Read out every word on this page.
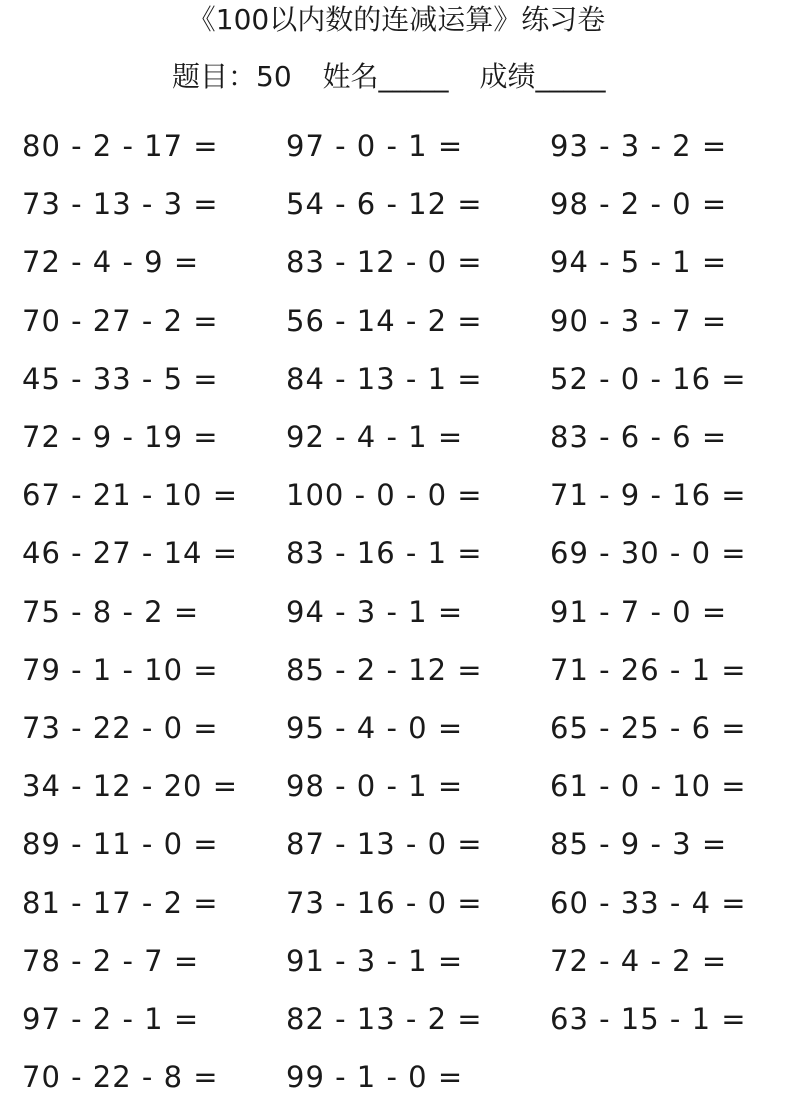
《100以内数的连减运算》练习卷
题目：50 姓名_____ 成绩_____
80 - 2 - 17 = 97 - 0 - 1 =	93 - 3 - 2 =
73 - 13 - 3 = 54 - 6 - 12 = 98 - 2 - 0 =
72 - 4 - 9 =	83 - 12 - 0 = 94 - 5 - 1 =
70 - 27 - 2 = 56 - 14 - 2 = 90 - 3 - 7 =
45 - 33 - 5 = 84 - 13 - 1 = 52 - 0 - 16 =
72 - 9 - 19 = 92 - 4 - 1 =	83 - 6 - 6 =
67 - 21 - 10 = 100 - 0 - 0 = 71 - 9 - 16 =
46 - 27 - 14 = 83 - 16 - 1 = 69 - 30 - 0 =
75 - 8 - 2 =	94 - 3 - 1 =	91 - 7 - 0 =
79 - 1 - 10 = 85 - 2 - 12 = 71 - 26 - 1 =
73 - 22 - 0 = 95 - 4 - 0 =	65 - 25 - 6 =
34 - 12 - 20 = 98 - 0 - 1 =	61 - 0 - 10 =
89 - 11 - 0 = 87 - 13 - 0 = 85 - 9 - 3 =
81 - 17 - 2 = 73 - 16 - 0 = 60 - 33 - 4 =
78 - 2 - 7 =	91 - 3 - 1 =	72 - 4 - 2 =
97 - 2 - 1 =	82 - 13 - 2 = 63 - 15 - 1 =
70 - 22 - 8 = 99 - 1 - 0 =
